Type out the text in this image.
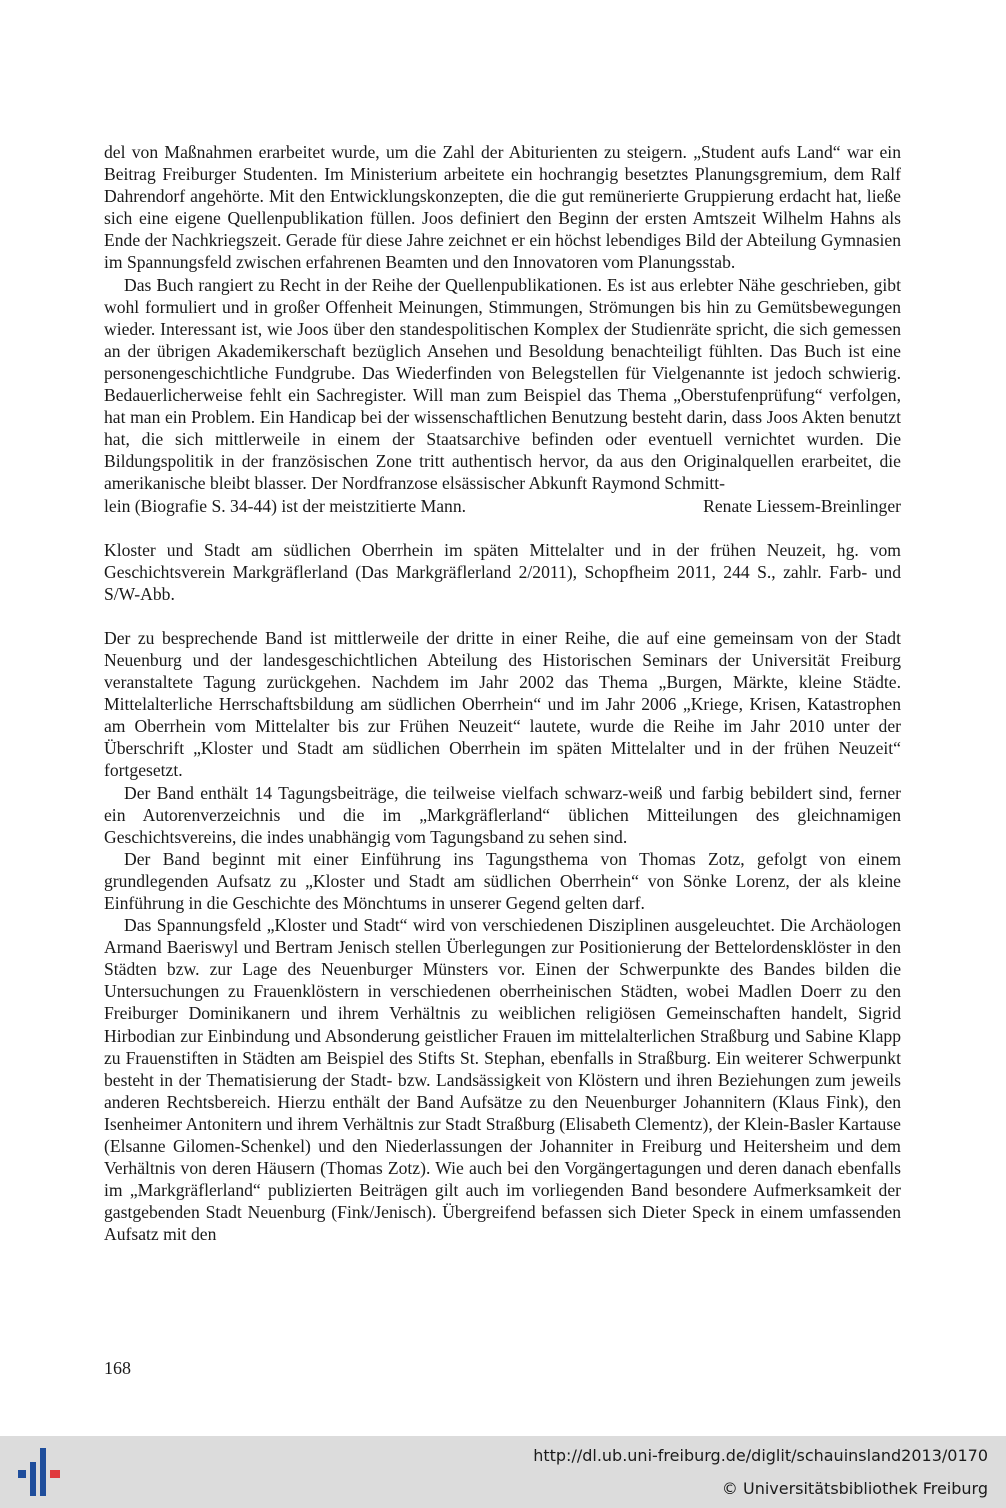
del von Maßnahmen erarbeitet wurde, um die Zahl der Abiturienten zu steigern. „Student aufs Land“ war ein Beitrag Freiburger Studenten. Im Ministerium arbeitete ein hochrangig besetztes Planungsgremium, dem Ralf Dahrendorf angehörte. Mit den Entwicklungskonzepten, die die gut remünerierte Gruppierung erdacht hat, ließe sich eine eigene Quellenpublikation füllen. Joos definiert den Beginn der ersten Amtszeit Wilhelm Hahns als Ende der Nachkriegszeit. Gerade für diese Jahre zeichnet er ein höchst lebendiges Bild der Abteilung Gymnasien im Spannungsfeld zwischen erfahrenen Beamten und den Innovatoren vom Planungsstab.

Das Buch rangiert zu Recht in der Reihe der Quellenpublikationen. Es ist aus erlebter Nähe geschrieben, gibt wohl formuliert und in großer Offenheit Meinungen, Stimmungen, Strömungen bis hin zu Gemütsbewegungen wieder. Interessant ist, wie Joos über den standespolitischen Komplex der Studienräte spricht, die sich gemessen an der übrigen Akademikerschaft bezüglich Ansehen und Besoldung benachteiligt fühlten. Das Buch ist eine personengeschichtliche Fundgrube. Das Wiederfinden von Belegstellen für Vielgenannte ist jedoch schwierig. Bedauerlicherweise fehlt ein Sachregister. Will man zum Beispiel das Thema „Oberstufenprüfung“ verfolgen, hat man ein Problem. Ein Handicap bei der wissenschaftlichen Benutzung besteht darin, dass Joos Akten benutzt hat, die sich mittlerweile in einem der Staatsarchive befinden oder eventuell vernichtet wurden. Die Bildungspolitik in der französischen Zone tritt authentisch hervor, da aus den Originalquellen erarbeitet, die amerikanische bleibt blasser. Der Nordfranzose elsässischer Abkunft Raymond Schmitt-

lein (Biografie S. 34-44) ist der meistzitierte Mann.	Renate Liessem-Breinlinger

Kloster und Stadt am südlichen Oberrhein im späten Mittelalter und in der frühen Neuzeit, hg. vom Geschichtsverein Markgräflerland (Das Markgräflerland 2/2011), Schopfheim 2011, 244 S., zahlr. Farb- und S/W-Abb.

Der zu besprechende Band ist mittlerweile der dritte in einer Reihe, die auf eine gemeinsam von der Stadt Neuenburg und der landesgeschichtlichen Abteilung des Historischen Seminars der Universität Freiburg veranstaltete Tagung zurückgehen. Nachdem im Jahr 2002 das Thema „Burgen, Märkte, kleine Städte. Mittelalterliche Herrschaftsbildung am südlichen Oberrhein“ und im Jahr 2006 „Kriege, Krisen, Katastrophen am Oberrhein vom Mittelalter bis zur Frühen Neuzeit“ lautete, wurde die Reihe im Jahr 2010 unter der Überschrift „Kloster und Stadt am südlichen Oberrhein im späten Mittelalter und in der frühen Neuzeit“ fortgesetzt.

Der Band enthält 14 Tagungsbeiträge, die teilweise vielfach schwarz-weiß und farbig bebildert sind, ferner ein Autorenverzeichnis und die im „Markgräflerland“ üblichen Mitteilungen des gleichnamigen Geschichtsvereins, die indes unabhängig vom Tagungsband zu sehen sind.

Der Band beginnt mit einer Einführung ins Tagungsthema von Thomas Zotz, gefolgt von einem grundlegenden Aufsatz zu „Kloster und Stadt am südlichen Oberrhein“ von Sönke Lorenz, der als kleine Einführung in die Geschichte des Mönchtums in unserer Gegend gelten darf.

Das Spannungsfeld „Kloster und Stadt“ wird von verschiedenen Disziplinen ausgeleuchtet. Die Archäologen Armand Baeriswyl und Bertram Jenisch stellen Überlegungen zur Positionierung der Bettelordensklöster in den Städten bzw. zur Lage des Neuenburger Münsters vor. Einen der Schwerpunkte des Bandes bilden die Untersuchungen zu Frauenklöstern in verschiedenen oberrheinischen Städten, wobei Madlen Doerr zu den Freiburger Dominikanern und ihrem Verhältnis zu weiblichen religiösen Gemeinschaften handelt, Sigrid Hirbodian zur Einbindung und Absonderung geistlicher Frauen im mittelalterlichen Straßburg und Sabine Klapp zu Frauenstiften in Städten am Beispiel des Stifts St. Stephan, ebenfalls in Straßburg. Ein weiterer Schwerpunkt besteht in der Thematisierung der Stadt- bzw. Landsässigkeit von Klöstern und ihren Beziehungen zum jeweils anderen Rechtsbereich. Hierzu enthält der Band Aufsätze zu den Neuenburger Johannitern (Klaus Fink), den Isenheimer Antonitern und ihrem Verhältnis zur Stadt Straßburg (Elisabeth Clementz), der Klein-Basler Kartause (Elsanne Gilomen-Schenkel) und den Niederlassungen der Johanniter in Freiburg und Heitersheim und dem Verhältnis von deren Häusern (Thomas Zotz). Wie auch bei den Vorgängertagungen und deren danach ebenfalls im „Markgräflerland“ publizierten Beiträgen gilt auch im vorliegenden Band besondere Aufmerksamkeit der gastgebenden Stadt Neuenburg (Fink/Jenisch). Übergreifend befassen sich Dieter Speck in einem umfassenden Aufsatz mit den

168
http://dl.ub.uni-freiburg.de/diglit/schauinsland2013/0170
© Universitätsbibliothek Freiburg
